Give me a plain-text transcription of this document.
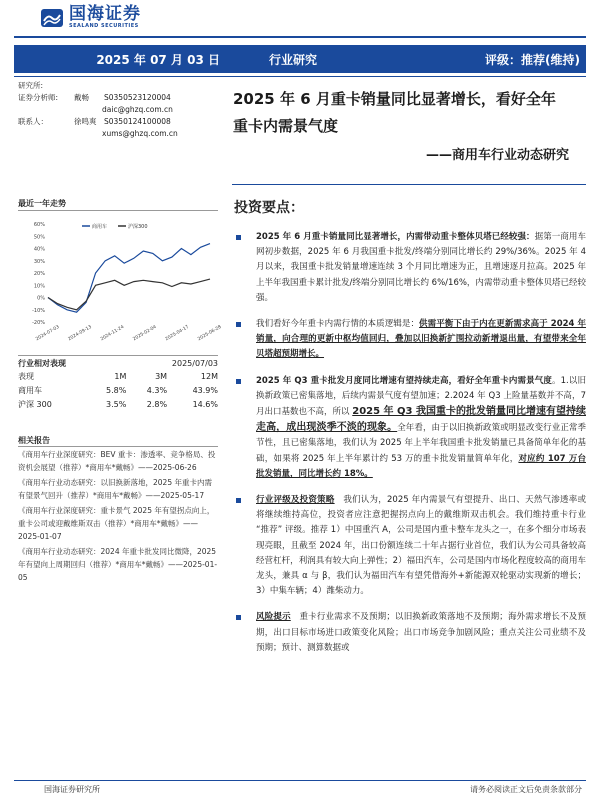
国海证券
SEALAND SECURITIES
2025 年 07 月 03 日	行业研究	评级：推荐(维持)
研究所:
证券分析师:	戴畅	S0350523120004
daic@ghzq.com.cn
联系人：	徐鸣爽	S0350124100008
xums@ghzq.com.cn
最近一年走势
60%
50%
40%
30%
20%
10%
0%
-10%
-20%
2024-07-03 2024-09-13 2024-11-24 2025-02-04 2025-04-17 2025-06-28
商用车	沪深300
行业相对表现	2025/07/03
表现	1M	3M	12M
商用车	5.8%	4.3%	43.9%
沪深 300	3.5%	2.8%	14.6%
相关报告

《商用车行业深度研究：BEV 重卡：渗透率、竞争格局、投资机会展望（推荐）*商用车*戴畅》——2025-06-26

《商用车行业动态研究：以旧换新落地，2025 年重卡内需有望景气回升（推荐）*商用车*戴畅》——2025-05-17

《商用车行业深度研究：重卡景气 2025 年有望拐点向上，重卡公司或迎戴维斯双击（推荐）*商用车*戴畅》——2025-01-07

《商用车行业动态研究：2024 年重卡批发同比微降，2025 年有望向上周期回归（推荐）*商用车*戴畅》——2025-01-05

2025 年 6 月重卡销量同比显著增长，看好全年
重卡内需景气度
——商用车行业动态研究
投资要点：
2025 年 6 月重卡销量同比显著增长，内需带动重卡整体贝塔已经较强：据第一商用车网初步数据，2025 年 6 月我国重卡批发/终端分别同比增长约 29%/36%。2025 年 4 月以来，我国重卡批发销量增速连续 3 个月同比增速为正，且增速逐月拉高。2025 年上半年我国重卡累计批发/终端分别同比增长约 6%/16%，内需带动重卡整体贝塔已经较强。
我们看好今年重卡内需行情的本质逻辑是：供需平衡下由于内在更新需求高于 2024 年销量，向合理的更新中枢均值回归，叠加以旧换新扩围拉动新增退出量，有望带来全年贝塔超预期增长。
2025 年 Q3 重卡批发月度同比增速有望持续走高，看好全年重卡内需景气度。1.以旧换新政策已密集落地，后续内需景气度有望加速；2.2024 年 Q3 上险量基数并不高，7 月出口基数也不高，所以 2025 年 Q3 我国重卡的批发销量同比增速有望持续走高，成出现淡季不淡的现象。全年看，由于以旧换新政策或明显改变行业正常季节性，且已密集落地，我们认为 2025 年上半年我国重卡批发销量已具备简单年化的基础，如果将 2025 年上半年累计约 53 万的重卡批发销量简单年化，对应约 107 万台批发销量，同比增长约 18%。
行业评级及投资策略　我们认为，2025 年内需景气有望提升、出口、天然气渗透率或将继续维持高位，投资者应注意把握拐点向上的戴维斯双击机会。我们维持重卡行业 “推荐” 评级。推荐 1）中国重汽 A，公司是国内重卡整车龙头之一，在多个细分市场表现亮眼，且截至 2024 年，出口份额连续二十年占据行业首位，我们认为公司具备较高经营杠杆，利润具有较大向上弹性；2）福田汽车，公司是国内市场化程度较高的商用车龙头，兼具 α 与 β，我们认为福田汽车有望凭借海外+新能源双轮驱动实现新的增长；3）中集车辆；4）潍柴动力。
风险提示　重卡行业需求不及预期；以旧换新政策落地不及预期；海外需求增长不及预期，出口目标市场进口政策变化风险；出口市场竞争加剧风险；重点关注公司业绩不及预期；预计、测算数据或
国海证券研究所	请务必阅读正文后免责条款部分
